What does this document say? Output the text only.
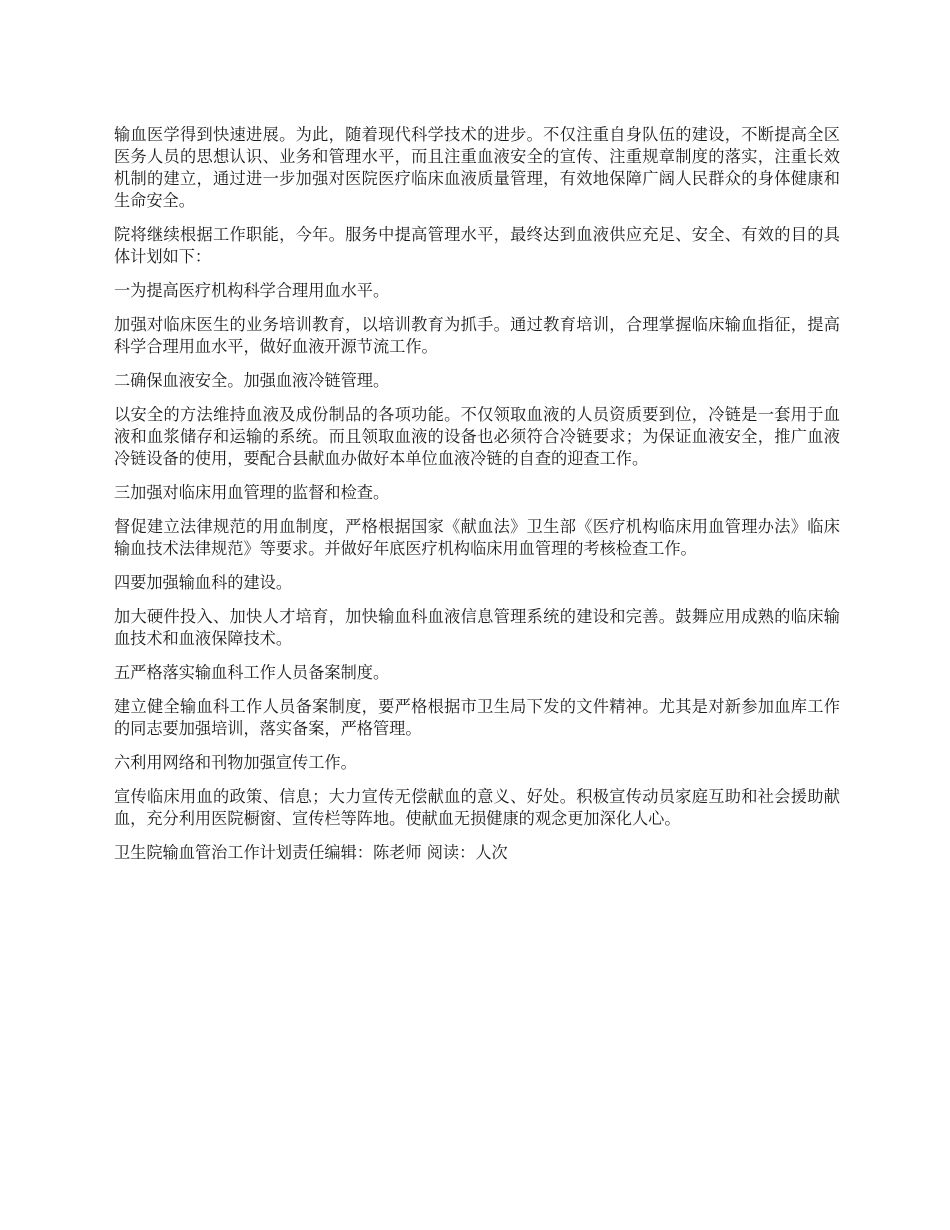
输血医学得到快速进展。为此，随着现代科学技术的进步。不仅注重自身队伍的建设，不断提高全区医务人员的思想认识、业务和管理水平，而且注重血液安全的宣传、注重规章制度的落实，注重长效机制的建立，通过进一步加强对医院医疗临床血液质量管理，有效地保障广阔人民群众的身体健康和生命安全。

院将继续根据工作职能，今年。服务中提高管理水平，最终达到血液供应充足、安全、有效的目的具体计划如下：

一为提高医疗机构科学合理用血水平。

加强对临床医生的业务培训教育，以培训教育为抓手。通过教育培训，合理掌握临床输血指征，提高科学合理用血水平，做好血液开源节流工作。

二确保血液安全。加强血液冷链管理。

以安全的方法维持血液及成份制品的各项功能。不仅领取血液的人员资质要到位，冷链是一套用于血液和血浆储存和运输的系统。而且领取血液的设备也必须符合冷链要求；为保证血液安全，推广血液冷链设备的使用，要配合县献血办做好本单位血液冷链的自查的迎查工作。

三加强对临床用血管理的监督和检查。

督促建立法律规范的用血制度，严格根据国家《献血法》卫生部《医疗机构临床用血管理办法》临床输血技术法律规范》等要求。并做好年底医疗机构临床用血管理的考核检查工作。

四要加强输血科的建设。

加大硬件投入、加快人才培育，加快输血科血液信息管理系统的建设和完善。鼓舞应用成熟的临床输血技术和血液保障技术。

五严格落实输血科工作人员备案制度。

建立健全输血科工作人员备案制度，要严格根据市卫生局下发的文件精神。尤其是对新参加血库工作的同志要加强培训，落实备案，严格管理。

六利用网络和刊物加强宣传工作。

宣传临床用血的政策、信息；大力宣传无偿献血的意义、好处。积极宣传动员家庭互助和社会援助献血，充分利用医院橱窗、宣传栏等阵地。使献血无损健康的观念更加深化人心。

卫生院输血管治工作计划责任编辑：陈老师 阅读：人次
